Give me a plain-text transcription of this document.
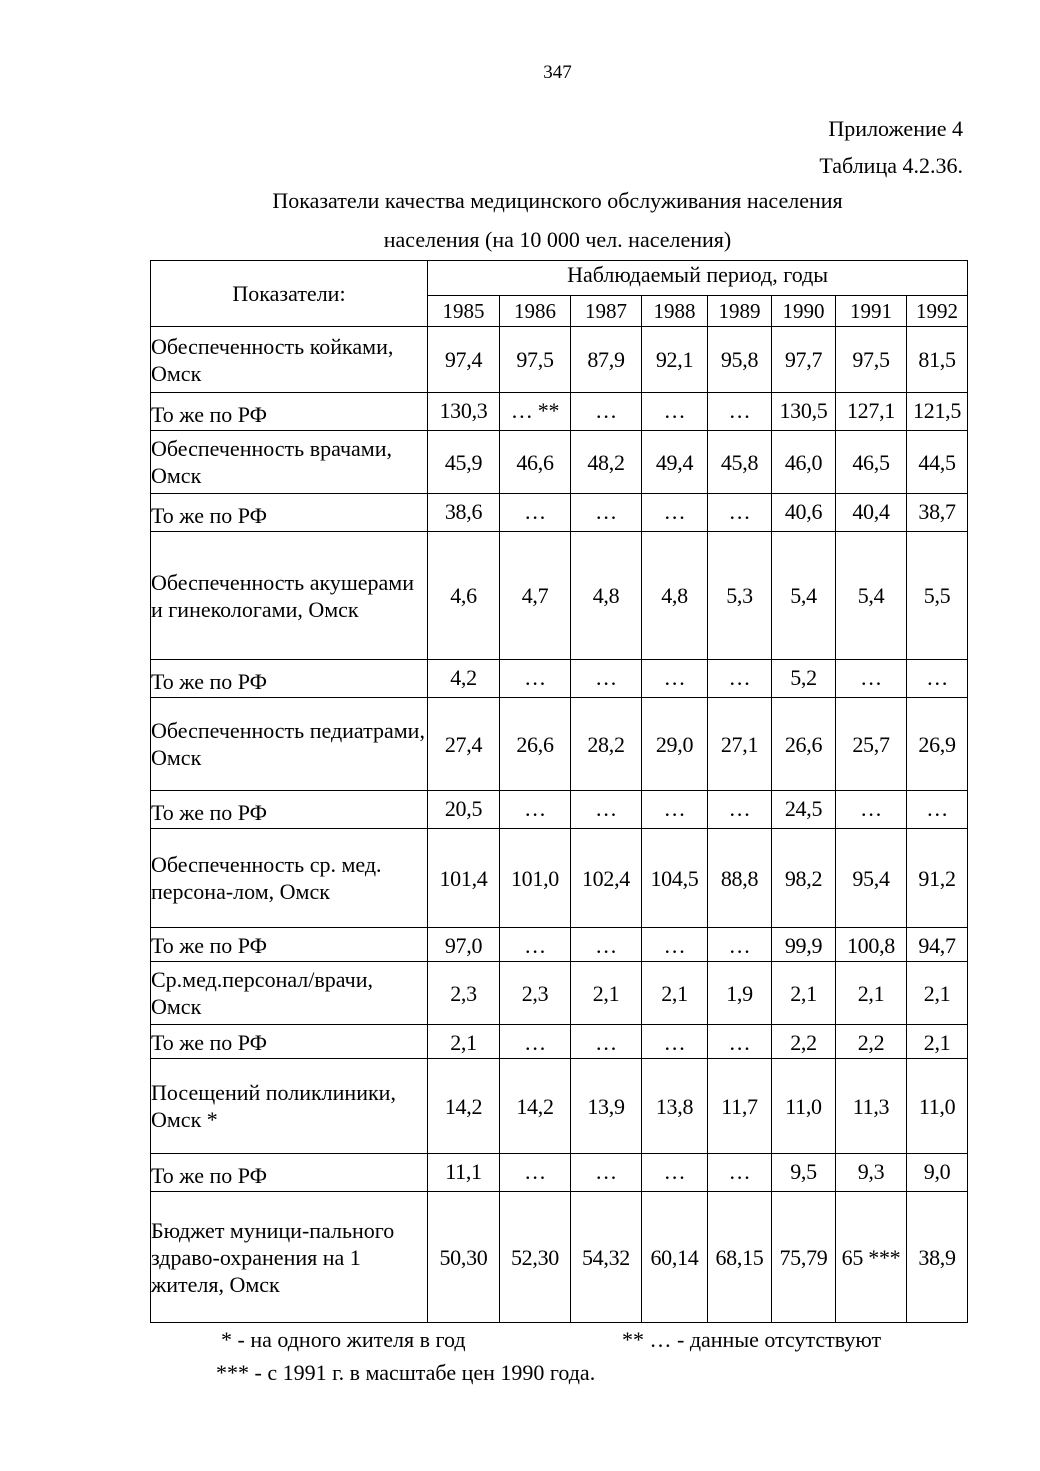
347
Приложение 4
Таблица 4.2.36.
Показатели качества медицинского обслуживания населения
населения (на 10 000 чел. населения)
Показатели:	Наблюдаемый период, годы							
	1985	1986	1987	1988	1989	1990	1991	1992
Обеспеченность койками, Омск	97,4	97,5	87,9	92,1	95,8	97,7	97,5	81,5
То же по РФ	130,3	… **	…	…	…	130,5	127,1	121,5
Обеспеченность врачами, Омск	45,9	46,6	48,2	49,4	45,8	46,0	46,5	44,5
То же по РФ	38,6	…	…	…	…	40,6	40,4	38,7
Обеспеченность акушерами и гинекологами, Омск	4,6	4,7	4,8	4,8	5,3	5,4	5,4	5,5
То же по РФ	4,2	…	…	…	…	5,2	…	…
Обеспеченность педиатрами, Омск	27,4	26,6	28,2	29,0	27,1	26,6	25,7	26,9
То же по РФ	20,5	…	…	…	…	24,5	…	…
Обеспеченность ср. мед. персона-лом, Омск	101,4	101,0	102,4	104,5	88,8	98,2	95,4	91,2
То же по РФ	97,0	…	…	…	…	99,9	100,8	94,7
Ср.мед.персонал/врачи, Омск	2,3	2,3	2,1	2,1	1,9	2,1	2,1	2,1
То же по РФ	2,1	…	…	…	…	2,2	2,2	2,1
Посещений поликлиники, Омск *	14,2	14,2	13,9	13,8	11,7	11,0	11,3	11,0
То же по РФ	11,1	…	…	…	…	9,5	9,3	9,0
Бюджет муници-пального здраво-охранения на 1 жителя, Омск	50,30	52,30	54,32	60,14	68,15	75,79	65 ***	38,9
* - на одного жителя в год	** … - данные отсутствуют
*** - с 1991 г. в масштабе цен 1990 года.
